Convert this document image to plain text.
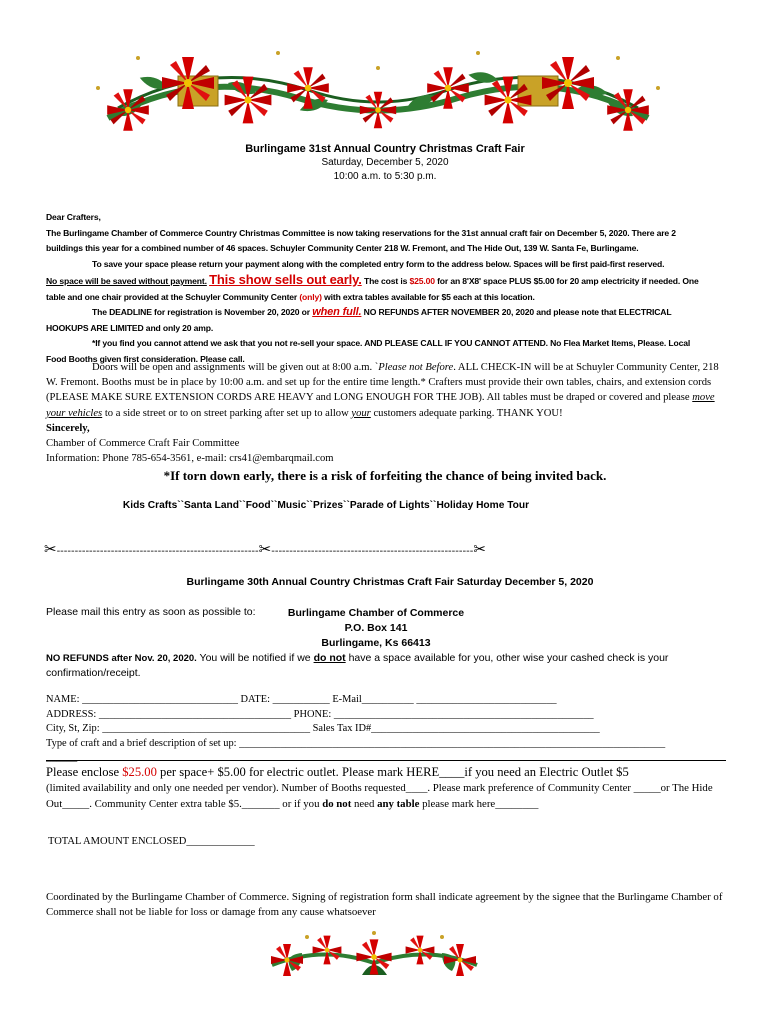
Burlingame 31st Annual Country Christmas Craft Fair
Saturday, December 5, 2020
10:00 a.m. to 5:30 p.m.
Dear Crafters,
The Burlingame Chamber of Commerce Country Christmas Committee is now taking reservations for the 31st annual craft fair on December 5, 2020. There are 2 buildings this year for a combined number of 46 spaces. Schuyler Community Center 218 W. Fremont, and The Hide Out, 139 W. Santa Fe, Burlingame.
To save your space please return your payment along with the completed entry form to the address below. Spaces will be first paid-first reserved.
No space will be saved without payment. This show sells out early. The cost is $25.00 for an 8'X8' space PLUS $5.00 for 20 amp electricity if needed. One table and one chair provided at the Schuyler Community Center (only) with extra tables available for $5 each at this location.
The DEADLINE for registration is November 20, 2020 or when full. NO REFUNDS AFTER NOVEMBER 20, 2020 and please note that ELECTRICAL HOOKUPS ARE LIMITED and only 20 amp.
*If you find you cannot attend we ask that you not re-sell your space. AND PLEASE CALL IF YOU CANNOT ATTEND. No Flea Market Items, Please. Local Food Booths given first consideration. Please call.
Doors will be open and assignments will be given out at 8:00 a.m. `Please not Before. ALL CHECK-IN will be at Schuyler Community Center, 218 W. Fremont. Booths must be in place by 10:00 a.m. and set up for the entire time length.* Crafters must provide their own tables, chairs, and extension cords (PLEASE MAKE SURE EXTENSION CORDS ARE HEAVY and LONG ENOUGH FOR THE JOB). All tables must be draped or covered and please move your vehicles to a side street or to on street parking after set up to allow your customers adequate parking. THANK YOU!
Sincerely,
Chamber of Commerce Craft Fair Committee
Information: Phone 785-654-3561, e-mail: crs41@embarqmail.com
*If torn down early, there is a risk of forfeiting the chance of being invited back.
Kids Crafts``Santa Land``Food``Music``Prizes``Parade of Lights``Holiday Home Tour
✂--------------------------------------------------------✂--------------------------------------------------------✂
Burlingame 30th Annual Country Christmas Craft Fair Saturday December 5, 2020
Please mail this entry as soon as possible to:	Burlingame Chamber of Commerce
P.O. Box 141
Burlingame, Ks 66413
NO REFUNDS after Nov. 20, 2020. You will be notified if we do not have a space available for you, other wise your cashed check is your confirmation/receipt.
NAME: ______________________________ DATE: ___________ E-Mail__________ ___________________________
ADDRESS: _____________________________________ PHONE: __________________________________________________
City, St, Zip: ________________________________________ Sales Tax ID#____________________________________________
Type of craft and a brief description of set up: __________________________________________________________________________________
______
Please enclose $25.00 per space+ $5.00 for electric outlet. Please mark HERE____if you need an Electric Outlet $5
(limited availability and only one needed per vendor). Number of Booths requested____. Please mark preference of Community Center _____or The Hide Out_____. Community Center extra table $5._______ or if you do not need any table please mark here________
TOTAL AMOUNT ENCLOSED_____________
Coordinated by the Burlingame Chamber of Commerce. Signing of registration form shall indicate agreement by the signee that the Burlingame Chamber of Commerce shall not be liable for loss or damage from any cause whatsoever
